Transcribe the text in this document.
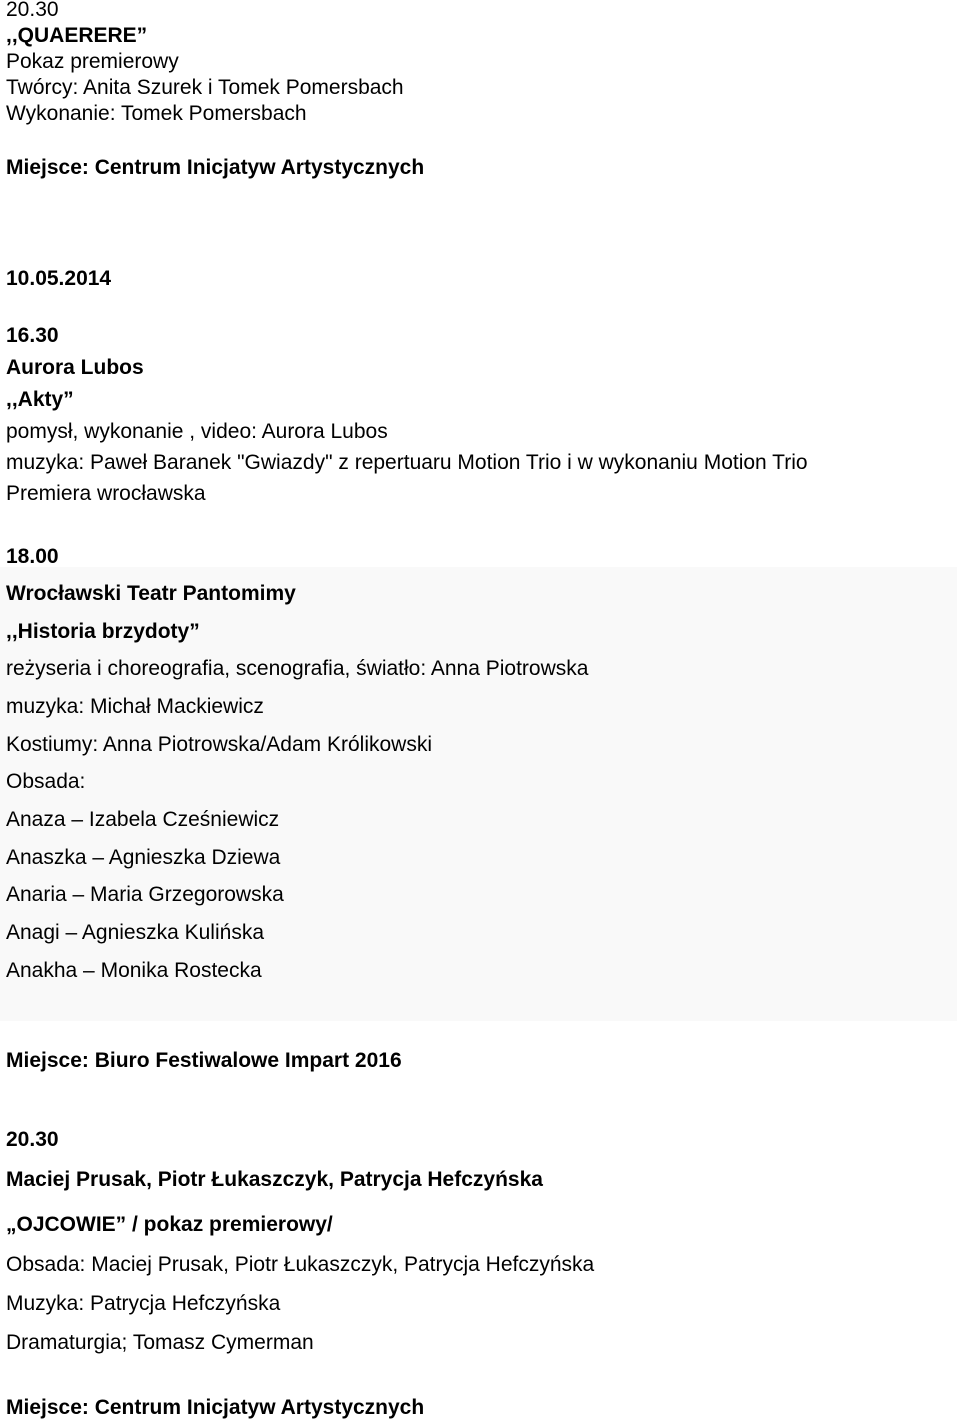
20.30
,,QUAERERE”
Pokaz premierowy
Twórcy: Anita Szurek i Tomek Pomersbach
Wykonanie: Tomek Pomersbach
Miejsce: Centrum Inicjatyw Artystycznych
10.05.2014
16.30
Aurora Lubos
,,Akty”
pomysł, wykonanie , video: Aurora Lubos
muzyka: Paweł Baranek "Gwiazdy" z repertuaru Motion Trio i w wykonaniu Motion Trio
Premiera wrocławska
18.00
Wrocławski Teatr Pantomimy
,,Historia brzydoty”
reżyseria i choreografia, scenografia, światło: Anna Piotrowska
muzyka: Michał Mackiewicz
Kostiumy: Anna Piotrowska/Adam Królikowski
Obsada:
Anaza – Izabela Cześniewicz
Anaszka – Agnieszka Dziewa
Anaria – Maria Grzegorowska
Anagi – Agnieszka Kulińska
Anakha – Monika Rostecka
Miejsce: Biuro Festiwalowe Impart 2016
20.30
Maciej Prusak, Piotr Łukaszczyk, Patrycja Hefczyńska
„OJCOWIE” / pokaz premierowy/
Obsada: Maciej Prusak, Piotr Łukaszczyk, Patrycja Hefczyńska
Muzyka: Patrycja Hefczyńska
Dramaturgia; Tomasz Cymerman
Miejsce: Centrum Inicjatyw Artystycznych
